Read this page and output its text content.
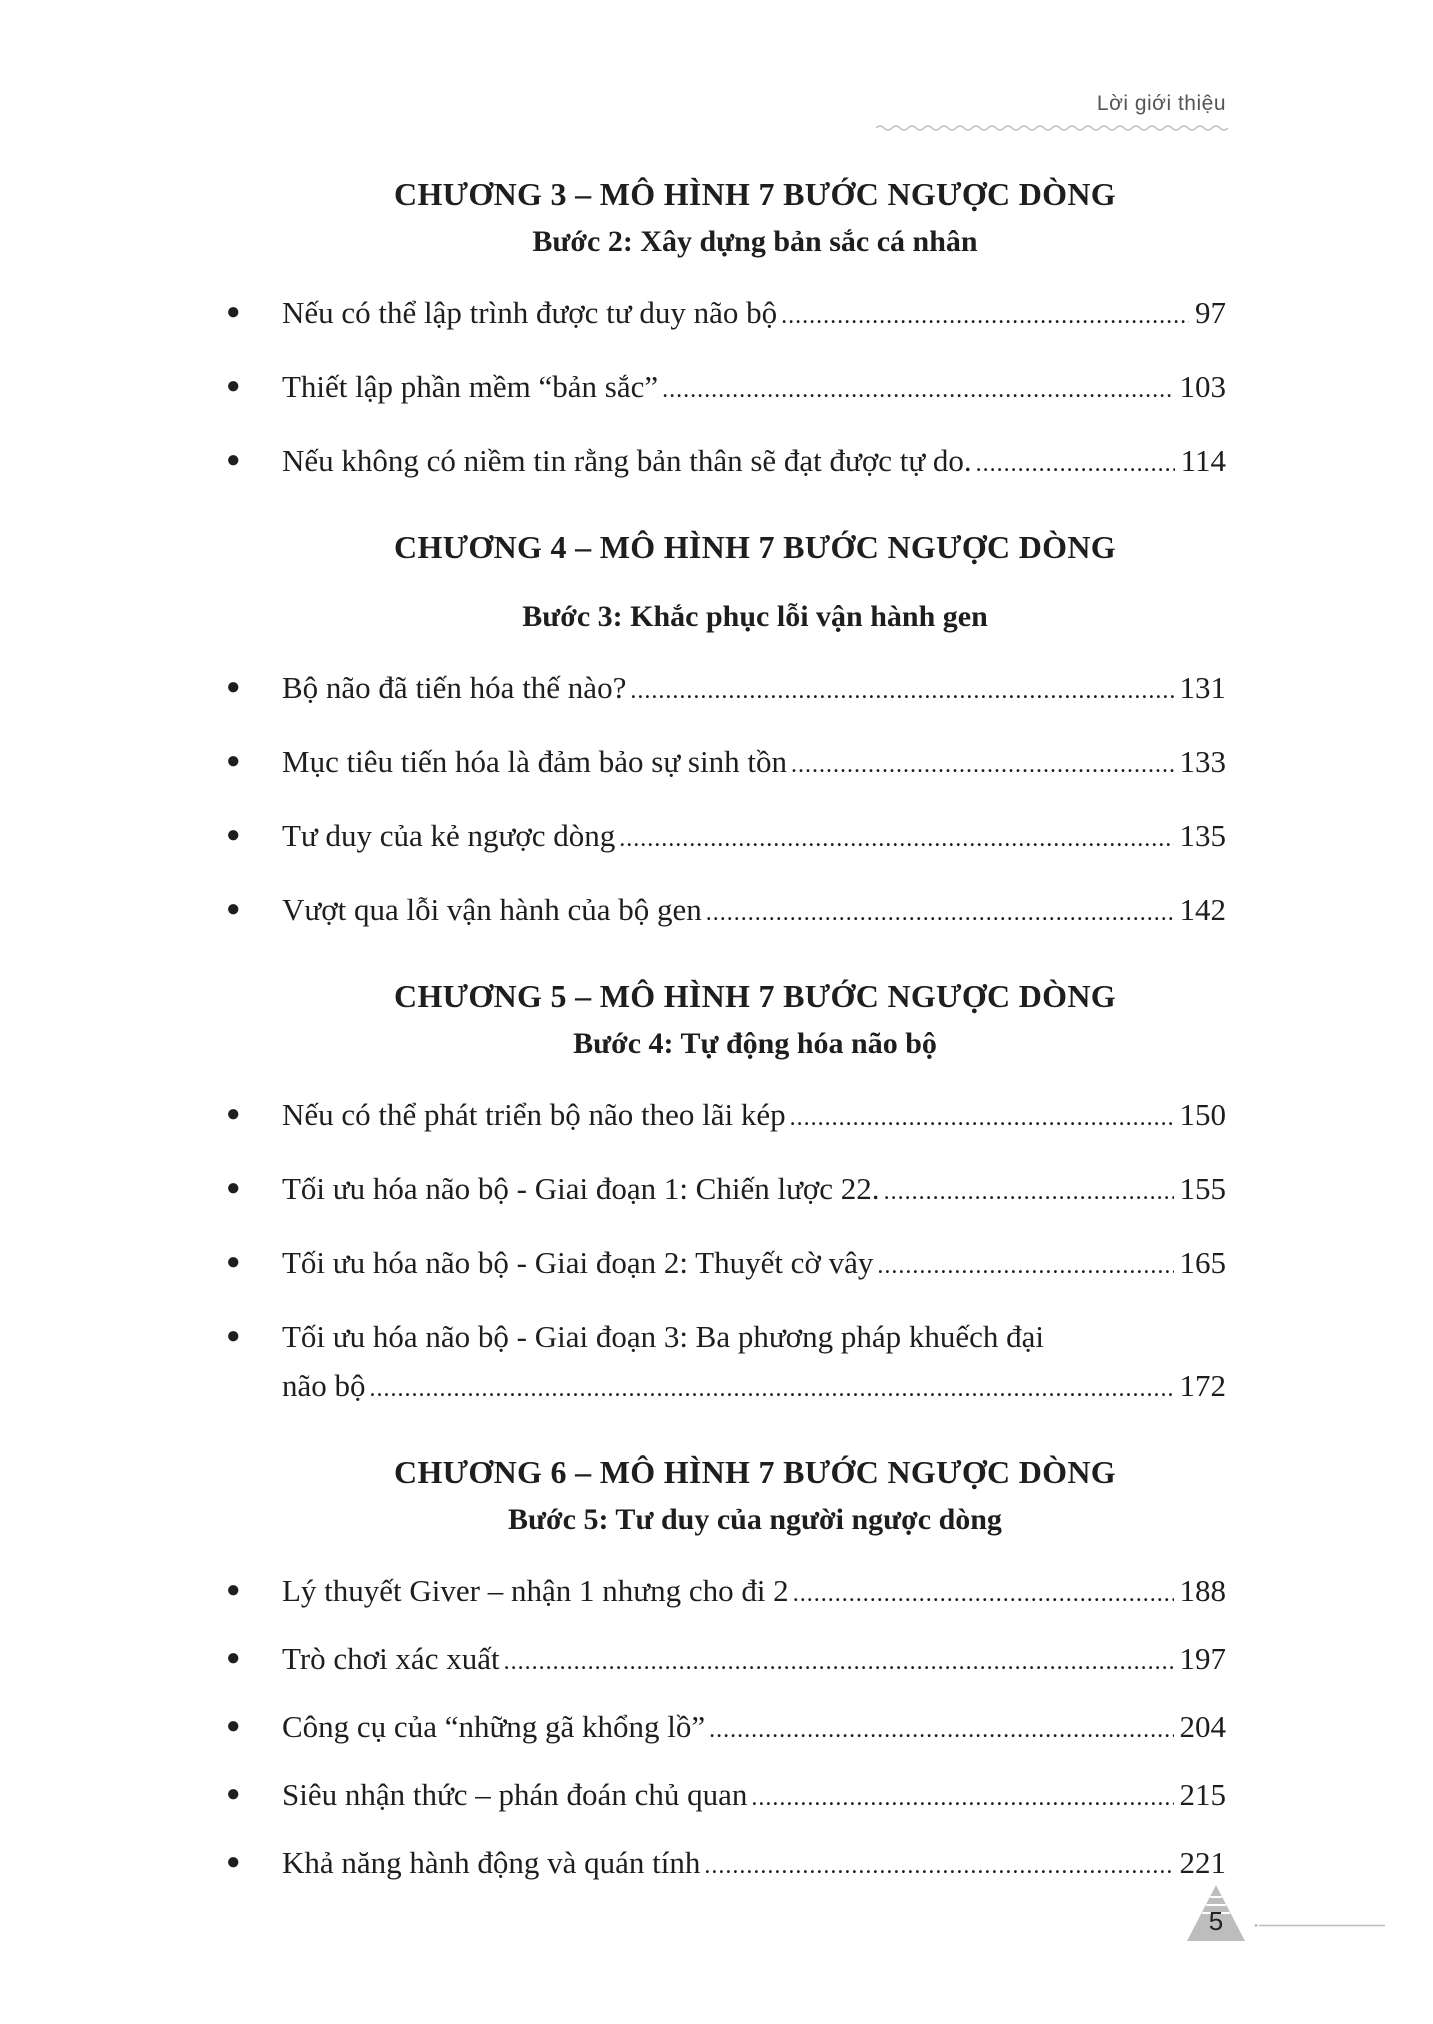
Lời giới thiệu
CHƯƠNG 3 – MÔ HÌNH 7 BƯỚC NGƯỢC DÒNG
Bước 2: Xây dựng bản sắc cá nhân
● Nếu có thể lập trình được tư duy não bộ .....	97
● Thiết lập phần mềm “bản sắc” .....	103
● Nếu không có niềm tin rằng bản thân sẽ đạt được tự do. .....	114
CHƯƠNG 4 – MÔ HÌNH 7 BƯỚC NGƯỢC DÒNG
Bước 3: Khắc phục lỗi vận hành gen
● Bộ não đã tiến hóa thế nào? .....	131
● Mục tiêu tiến hóa là đảm bảo sự sinh tồn .....	133
● Tư duy của kẻ ngược dòng .....	135
● Vượt qua lỗi vận hành của bộ gen .....	142
CHƯƠNG 5 – MÔ HÌNH 7 BƯỚC NGƯỢC DÒNG
Bước 4: Tự động hóa não bộ
● Nếu có thể phát triển bộ não theo lãi kép .....	150
● Tối ưu hóa não bộ - Giai đoạn 1: Chiến lược 22. .....	155
● Tối ưu hóa não bộ - Giai đoạn 2: Thuyết cờ vây .....	165
● Tối ưu hóa não bộ - Giai đoạn 3: Ba phương pháp khuếch đại
não bộ .....	172
CHƯƠNG 6 – MÔ HÌNH 7 BƯỚC NGƯỢC DÒNG
Bước 5: Tư duy của người ngược dòng
● Lý thuyết Giver – nhận 1 nhưng cho đi 2 .....	188
● Trò chơi xác xuất .....	197
● Công cụ của “những gã khổng lồ” .....	204
● Siêu nhận thức – phán đoán chủ quan .....	215
● Khả năng hành động và quán tính .....	221
5
